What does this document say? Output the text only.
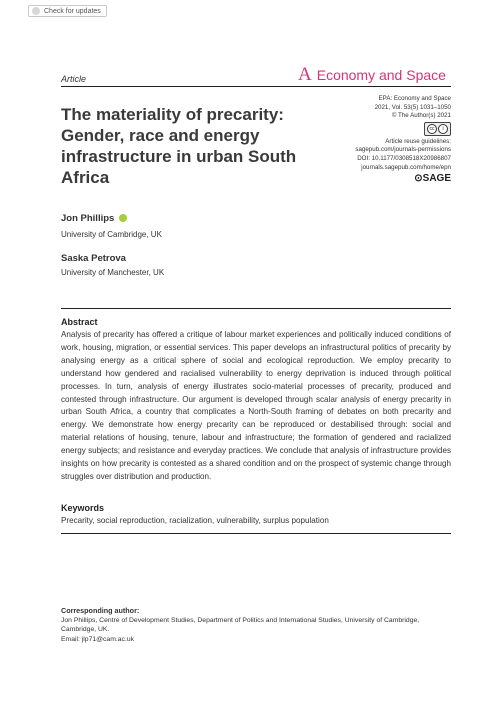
Check for updates
Article	A Economy and Space
EPA: Economy and Space
2021, Vol. 53(5) 1031–1050
© The Author(s) 2021
cc	i
Article reuse guidelines:
sagepub.com/journals-permissions
DOI: 10.1177/0308518X20986807
journals.sagepub.com/home/epn
⊙SAGE
The materiality of precarity: Gender, race and energy infrastructure in urban South Africa
Jon Phillips
University of Cambridge, UK
Saska Petrova
University of Manchester, UK
Abstract
Analysis of precarity has offered a critique of labour market experiences and politically induced conditions of work, housing, migration, or essential services. This paper develops an infrastructural politics of precarity by analysing energy as a critical sphere of social and ecological reproduction. We employ precarity to understand how gendered and racialised vulnerability to energy deprivation is induced through political processes. In turn, analysis of energy illustrates socio-material processes of precarity, produced and contested through infrastructure. Our argument is developed through scalar analysis of energy precarity in urban South Africa, a country that complicates a North-South framing of debates on both precarity and energy. We demonstrate how energy precarity can be reproduced or destabilised through: social and material relations of housing, tenure, labour and infrastructure; the formation of gendered and racialized energy subjects; and resistance and everyday practices. We conclude that analysis of infrastructure provides insights on how precarity is contested as a shared condition and on the prospect of systemic change through struggles over distribution and production.
Keywords
Precarity, social reproduction, racialization, vulnerability, surplus population
Corresponding author:
Jon Phillips, Centre of Development Studies, Department of Politics and International Studies, University of Cambridge, Cambridge, UK.
Email: jlp71@cam.ac.uk
